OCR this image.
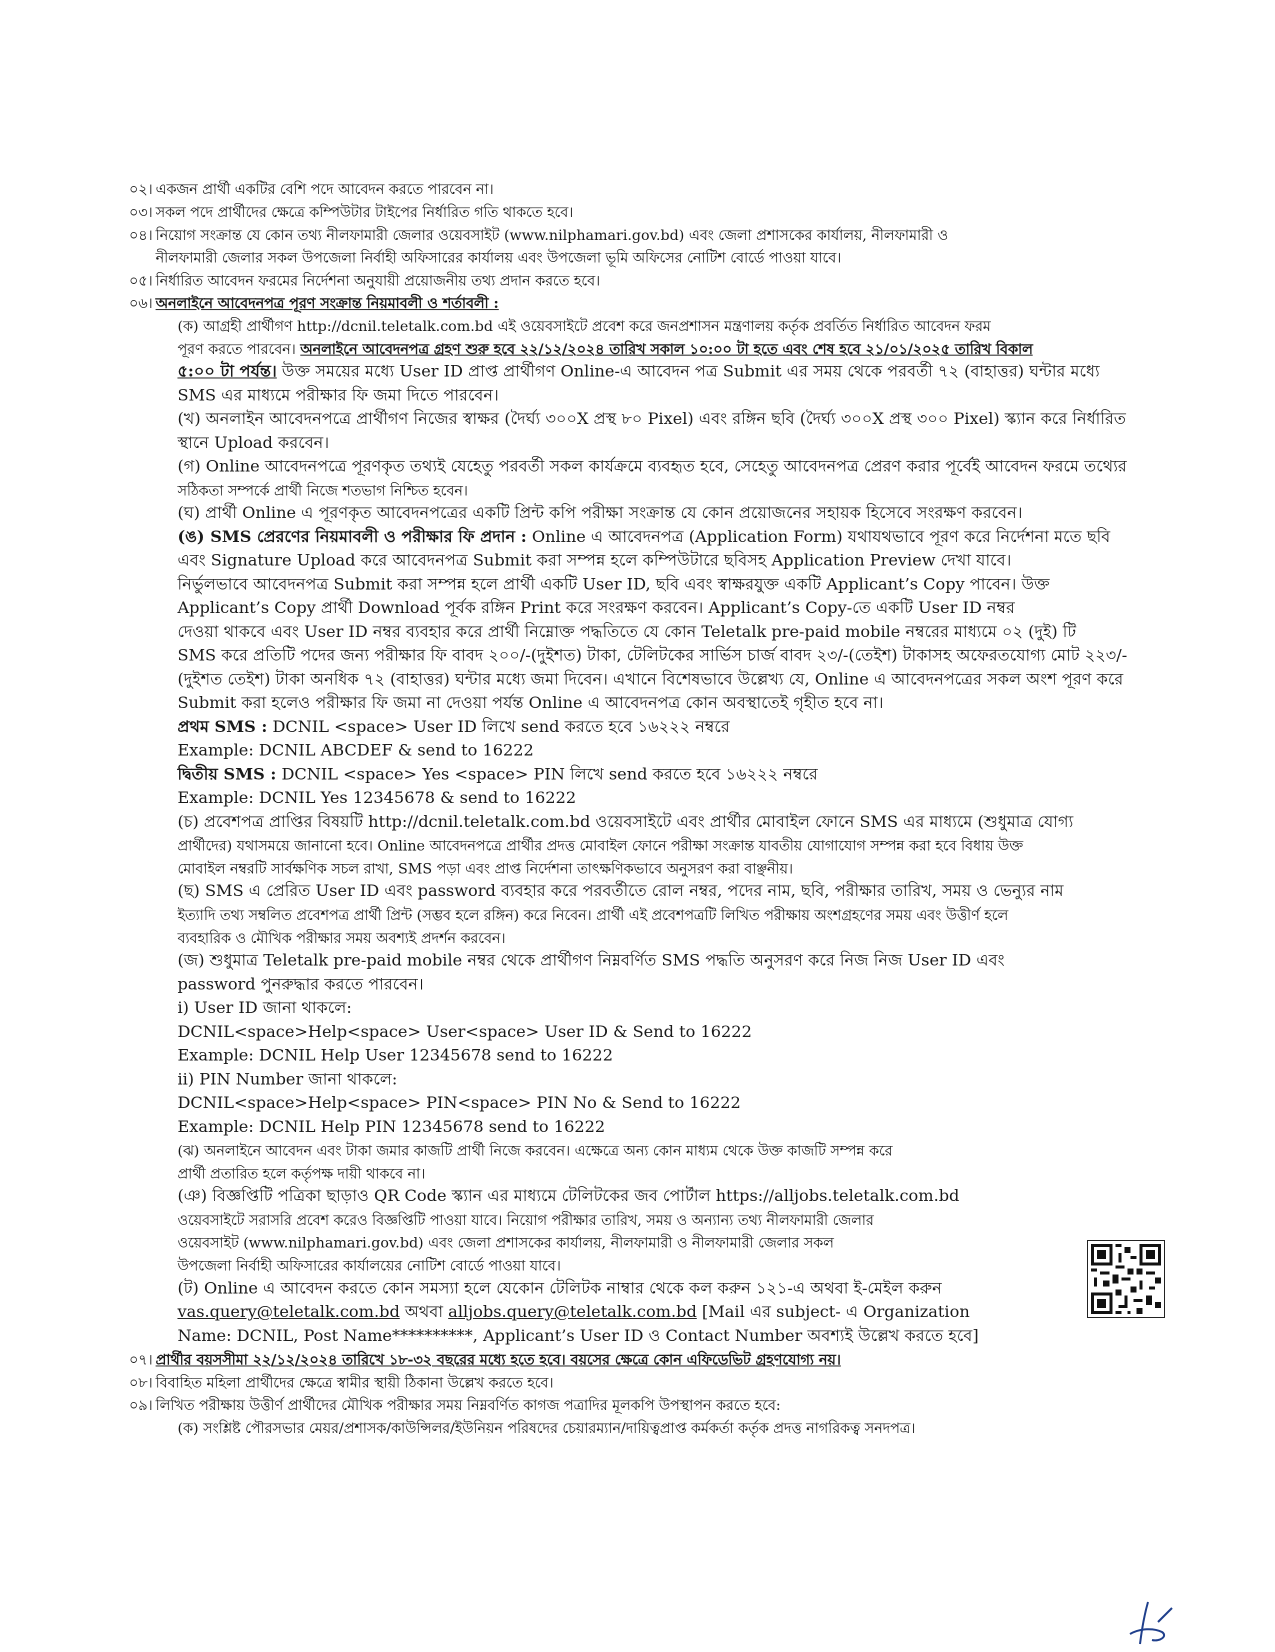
০২। একজন প্রার্থী একটির বেশি পদে আবেদন করতে পারবেন না।
০৩। সকল পদে প্রার্থীদের ক্ষেত্রে কম্পিউটার টাইপের নির্ধারিত গতি থাকতে হবে।
০৪। নিয়োগ সংক্রান্ত যে কোন তথ্য নীলফামারী জেলার ওয়েবসাইট (www.nilphamari.gov.bd) এবং জেলা প্রশাসকের কার্যালয়, নীলফামারী ও
নীলফামারী জেলার সকল উপজেলা নির্বাহী অফিসারের কার্যালয় এবং উপজেলা ভূমি অফিসের নোটিশ বোর্ডে পাওয়া যাবে।
০৫। নির্ধারিত আবেদন ফরমের নির্দেশনা অনুযায়ী প্রয়োজনীয় তথ্য প্রদান করতে হবে।
০৬। অনলাইনে আবেদনপত্র পূরণ সংক্রান্ত নিয়মাবলী ও শর্তাবলী :
(ক) আগ্রহী প্রার্থীগণ http://dcnil.teletalk.com.bd এই ওয়েবসাইটে প্রবেশ করে জনপ্রশাসন মন্ত্রণালয় কর্তৃক প্রবর্তিত নির্ধারিত আবেদন ফরম
পূরণ করতে পারবেন। অনলাইনে আবেদনপত্র গ্রহণ শুরু হবে ২২/১২/২০২৪ তারিখ সকাল ১০:০০ টা হতে এবং শেষ হবে ২১/০১/২০২৫ তারিখ বিকাল
৫:০০ টা পর্যন্ত। উক্ত সময়ের মধ্যে User ID প্রাপ্ত প্রার্থীগণ Online-এ আবেদন পত্র Submit এর সময় থেকে পরবর্তী ৭২ (বাহাত্তর) ঘন্টার মধ্যে
SMS এর মাধ্যমে পরীক্ষার ফি জমা দিতে পারবেন।
(খ) অনলাইন আবেদনপত্রে প্রার্থীগণ নিজের স্বাক্ষর (দৈর্ঘ্য ৩০০X প্রস্থ ৮০ Pixel) এবং রঙ্গিন ছবি (দৈর্ঘ্য ৩০০X প্রস্থ ৩০০ Pixel) স্ক্যান করে নির্ধারিত
স্থানে Upload করবেন।
(গ) Online আবেদনপত্রে পূরণকৃত তথ্যই যেহেতু পরবর্তী সকল কার্যক্রমে ব্যবহৃত হবে, সেহেতু আবেদনপত্র প্রেরণ করার পূর্বেই আবেদন ফরমে তথ্যের
সঠিকতা সম্পর্কে প্রার্থী নিজে শতভাগ নিশ্চিত হবেন।
(ঘ) প্রার্থী Online এ পূরণকৃত আবেদনপত্রের একটি প্রিন্ট কপি পরীক্ষা সংক্রান্ত যে কোন প্রয়োজনের সহায়ক হিসেবে সংরক্ষণ করবেন।
(ঙ) SMS প্রেরণের নিয়মাবলী ও পরীক্ষার ফি প্রদান : Online এ আবেদনপত্র (Application Form) যথাযথভাবে পূরণ করে নির্দেশনা মতে ছবি
এবং Signature Upload করে আবেদনপত্র Submit করা সম্পন্ন হলে কম্পিউটারে ছবিসহ Application Preview দেখা যাবে।
নির্ভুলভাবে আবেদনপত্র Submit করা সম্পন্ন হলে প্রার্থী একটি User ID, ছবি এবং স্বাক্ষরযুক্ত একটি Applicant’s Copy পাবেন। উক্ত
Applicant’s Copy প্রার্থী Download পূর্বক রঙ্গিন Print করে সংরক্ষণ করবেন। Applicant’s Copy-তে একটি User ID নম্বর
দেওয়া থাকবে এবং User ID নম্বর ব্যবহার করে প্রার্থী নিম্নোক্ত পদ্ধতিতে যে কোন Teletalk pre-paid mobile নম্বরের মাধ্যমে ০২ (দুই) টি
SMS করে প্রতিটি পদের জন্য পরীক্ষার ফি বাবদ ২০০/-(দুইশত) টাকা, টেলিটকের সার্ভিস চার্জ বাবদ ২৩/-(তেইশ) টাকাসহ অফেরতযোগ্য মোট ২২৩/-
(দুইশত তেইশ) টাকা অনধিক ৭২ (বাহাত্তর) ঘন্টার মধ্যে জমা দিবেন। এখানে বিশেষভাবে উল্লেখ্য যে, Online এ আবেদনপত্রের সকল অংশ পূরণ করে
Submit করা হলেও পরীক্ষার ফি জমা না দেওয়া পর্যন্ত Online এ আবেদনপত্র কোন অবস্থাতেই গৃহীত হবে না।
প্রথম SMS : DCNIL <space> User ID লিখে send করতে হবে ১৬২২২ নম্বরে
Example: DCNIL ABCDEF & send to 16222
দ্বিতীয় SMS : DCNIL <space> Yes <space> PIN লিখে send করতে হবে ১৬২২২ নম্বরে
Example: DCNIL Yes 12345678 & send to 16222
(চ) প্রবেশপত্র প্রাপ্তির বিষয়টি http://dcnil.teletalk.com.bd ওয়েবসাইটে এবং প্রার্থীর মোবাইল ফোনে SMS এর মাধ্যমে (শুধুমাত্র যোগ্য
প্রার্থীদের) যথাসময়ে জানানো হবে। Online আবেদনপত্রে প্রার্থীর প্রদত্ত মোবাইল ফোনে পরীক্ষা সংক্রান্ত যাবতীয় যোগাযোগ সম্পন্ন করা হবে বিধায় উক্ত
মোবাইল নম্বরটি সার্বক্ষণিক সচল রাখা, SMS পড়া এবং প্রাপ্ত নির্দেশনা তাৎক্ষণিকভাবে অনুসরণ করা বাঞ্ছনীয়।
(ছ) SMS এ প্রেরিত User ID এবং password ব্যবহার করে পরবর্তীতে রোল নম্বর, পদের নাম, ছবি, পরীক্ষার তারিখ, সময় ও ভেন্যুর নাম
ইত্যাদি তথ্য সম্বলিত প্রবেশপত্র প্রার্থী প্রিন্ট (সম্ভব হলে রঙ্গিন) করে নিবেন। প্রার্থী এই প্রবেশপত্রটি লিখিত পরীক্ষায় অংশগ্রহণের সময় এবং উত্তীর্ণ হলে
ব্যবহারিক ও মৌখিক পরীক্ষার সময় অবশ্যই প্রদর্শন করবেন।
(জ) শুধুমাত্র Teletalk pre-paid mobile নম্বর থেকে প্রার্থীগণ নিম্নবর্ণিত SMS পদ্ধতি অনুসরণ করে নিজ নিজ User ID এবং
password পুনরুদ্ধার করতে পারবেন।
i) User ID জানা থাকলে:
DCNIL<space>Help<space> User<space> User ID & Send to 16222
Example: DCNIL Help User 12345678 send to 16222
ii) PIN Number জানা থাকলে:
DCNIL<space>Help<space> PIN<space> PIN No & Send to 16222
Example: DCNIL Help PIN 12345678 send to 16222
(ঝ) অনলাইনে আবেদন এবং টাকা জমার কাজটি প্রার্থী নিজে করবেন। এক্ষেত্রে অন্য কোন মাধ্যম থেকে উক্ত কাজটি সম্পন্ন করে
প্রার্থী প্রতারিত হলে কর্তৃপক্ষ দায়ী থাকবে না।
(ঞ) বিজ্ঞপ্তিটি পত্রিকা ছাড়াও QR Code স্ক্যান এর মাধ্যমে টেলিটকের জব পোর্টাল https://alljobs.teletalk.com.bd
ওয়েবসাইটে সরাসরি প্রবেশ করেও বিজ্ঞপ্তিটি পাওয়া যাবে। নিয়োগ পরীক্ষার তারিখ, সময় ও অন্যান্য তথ্য নীলফামারী জেলার
ওয়েবসাইট (www.nilphamari.gov.bd) এবং জেলা প্রশাসকের কার্যালয়, নীলফামারী ও নীলফামারী জেলার সকল
উপজেলা নির্বাহী অফিসারের কার্যালয়ের নোটিশ বোর্ডে পাওয়া যাবে।
(ট) Online এ আবেদন করতে কোন সমস্যা হলে যেকোন টেলিটক নাম্বার থেকে কল করুন ১২১-এ অথবা ই-মেইল করুন
vas.query@teletalk.com.bd অথবা alljobs.query@teletalk.com.bd [Mail এর subject- এ Organization
Name: DCNIL, Post Name**********, Applicant’s User ID ও Contact Number অবশ্যই উল্লেখ করতে হবে]
০৭। প্রার্থীর বয়সসীমা ২২/১২/২০২৪ তারিখে ১৮-৩২ বছরের মধ্যে হতে হবে। বয়সের ক্ষেত্রে কোন এফিডেভিট গ্রহণযোগ্য নয়।
০৮। বিবাহিত মহিলা প্রার্থীদের ক্ষেত্রে স্বামীর স্থায়ী ঠিকানা উল্লেখ করতে হবে।
০৯। লিখিত পরীক্ষায় উত্তীর্ণ প্রার্থীদের মৌখিক পরীক্ষার সময় নিম্নবর্ণিত কাগজ পত্রাদির মূলকপি উপস্থাপন করতে হবে:
(ক) সংশ্লিষ্ট পৌরসভার মেয়র/প্রশাসক/কাউন্সিলর/ইউনিয়ন পরিষদের চেয়ারম্যান/দায়িত্বপ্রাপ্ত কর্মকর্তা কর্তৃক প্রদত্ত নাগরিকত্ব সনদপত্র।
